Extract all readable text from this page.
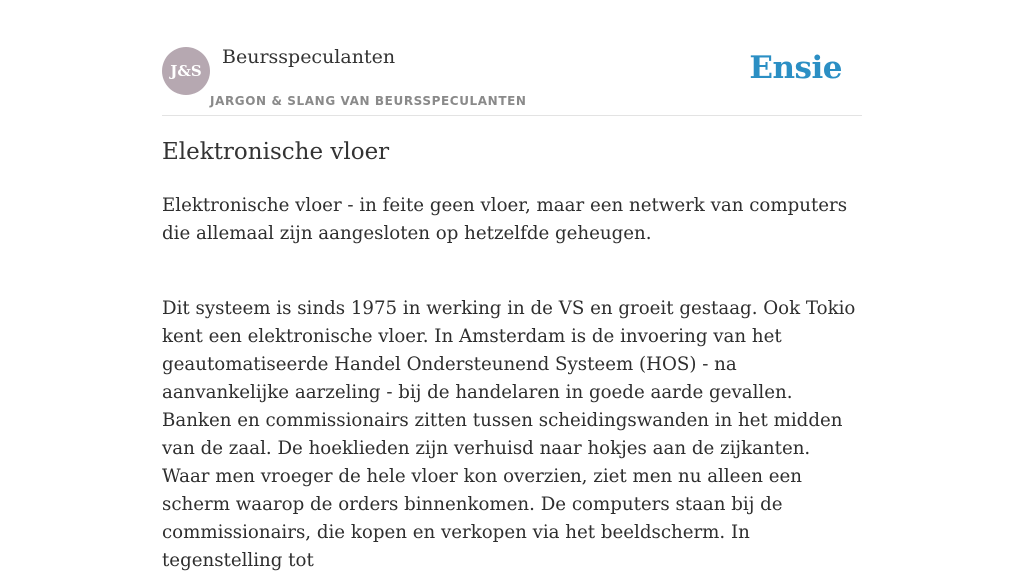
J&S
Beursspeculanten
JARGON & SLANG VAN BEURSSPECULANTEN
Ensie
Elektronische vloer

Elektronische vloer - in feite geen vloer, maar een netwerk van computers die allemaal zijn aangesloten op hetzelfde geheugen.

Dit systeem is sinds 1975 in werking in de VS en groeit gestaag. Ook Tokio kent een elektronische vloer. In Amsterdam is de invoering van het geautomatiseerde Handel Ondersteunend Systeem (HOS) - na aanvankelijke aarzeling - bij de handelaren in goede aarde gevallen. Banken en commissionairs zitten tussen scheidingswanden in het midden van de zaal. De hoeklieden zijn verhuisd naar hokjes aan de zijkanten. Waar men vroeger de hele vloer kon overzien, ziet men nu alleen een scherm waarop de orders binnenkomen. De computers staan bij de commissionairs, die kopen en verkopen via het beeldscherm. In tegenstelling tot
